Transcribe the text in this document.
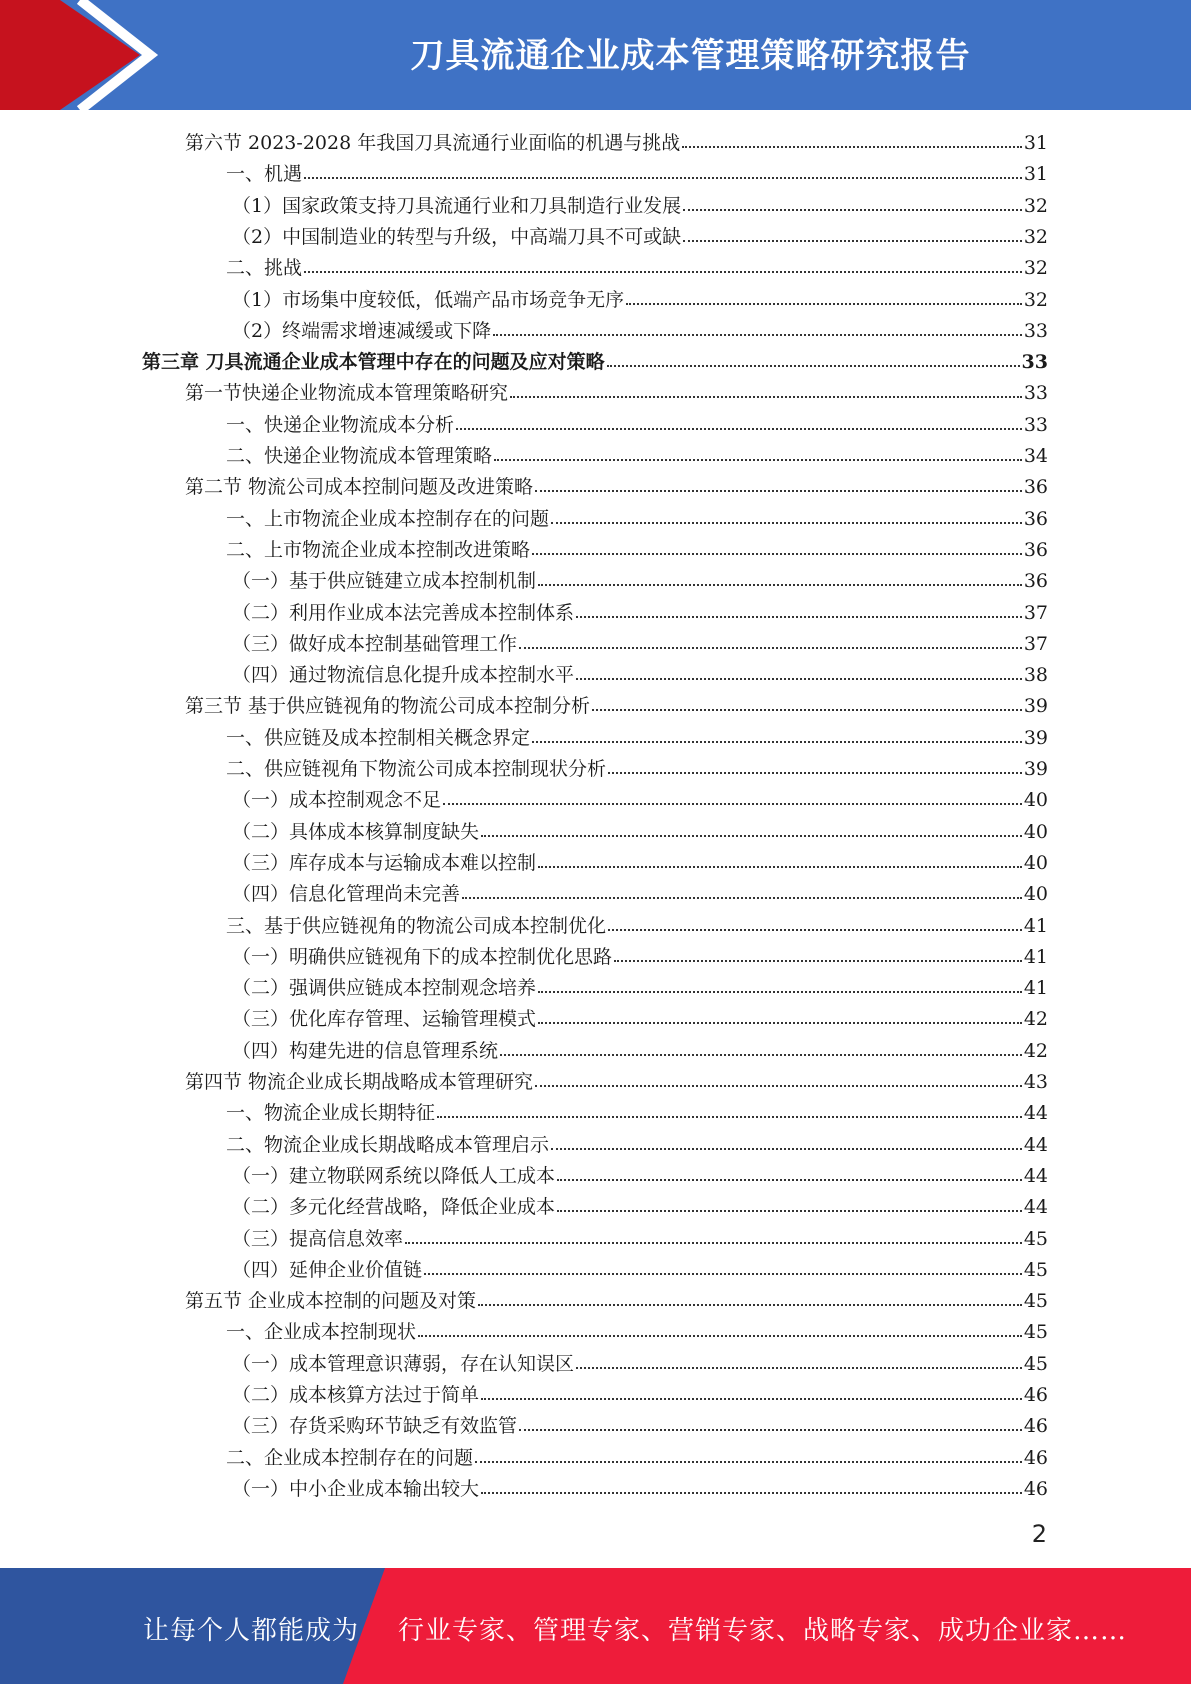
刀具流通企业成本管理策略研究报告
第六节 2023-2028 年我国刀具流通行业面临的机遇与挑战	31
一、机遇	31
（1）国家政策支持刀具流通行业和刀具制造行业发展	32
（2）中国制造业的转型与升级，中高端刀具不可或缺	32
二、挑战	32
（1）市场集中度较低，低端产品市场竞争无序	32
（2）终端需求增速减缓或下降	33
第三章 刀具流通企业成本管理中存在的问题及应对策略	33
第一节快递企业物流成本管理策略研究	33
一、快递企业物流成本分析	33
二、快递企业物流成本管理策略	34
第二节 物流公司成本控制问题及改进策略	36
一、上市物流企业成本控制存在的问题	36
二、上市物流企业成本控制改进策略	36
（一）基于供应链建立成本控制机制	36
（二）利用作业成本法完善成本控制体系	37
（三）做好成本控制基础管理工作	37
（四）通过物流信息化提升成本控制水平	38
第三节 基于供应链视角的物流公司成本控制分析	39
一、供应链及成本控制相关概念界定	39
二、供应链视角下物流公司成本控制现状分析	39
（一）成本控制观念不足	40
（二）具体成本核算制度缺失	40
（三）库存成本与运输成本难以控制	40
（四）信息化管理尚未完善	40
三、基于供应链视角的物流公司成本控制优化	41
（一）明确供应链视角下的成本控制优化思路	41
（二）强调供应链成本控制观念培养	41
（三）优化库存管理、运输管理模式	42
（四）构建先进的信息管理系统	42
第四节 物流企业成长期战略成本管理研究	43
一、物流企业成长期特征	44
二、物流企业成长期战略成本管理启示	44
（一）建立物联网系统以降低人工成本	44
（二）多元化经营战略，降低企业成本	44
（三）提高信息效率	45
（四）延伸企业价值链	45
第五节 企业成本控制的问题及对策	45
一、企业成本控制现状	45
（一）成本管理意识薄弱，存在认知误区	45
（二）成本核算方法过于简单	46
（三）存货采购环节缺乏有效监管	46
二、企业成本控制存在的问题	46
（一）中小企业成本输出较大	46
2
让每个人都能成为 行业专家、管理专家、营销专家、战略专家、成功企业家……
